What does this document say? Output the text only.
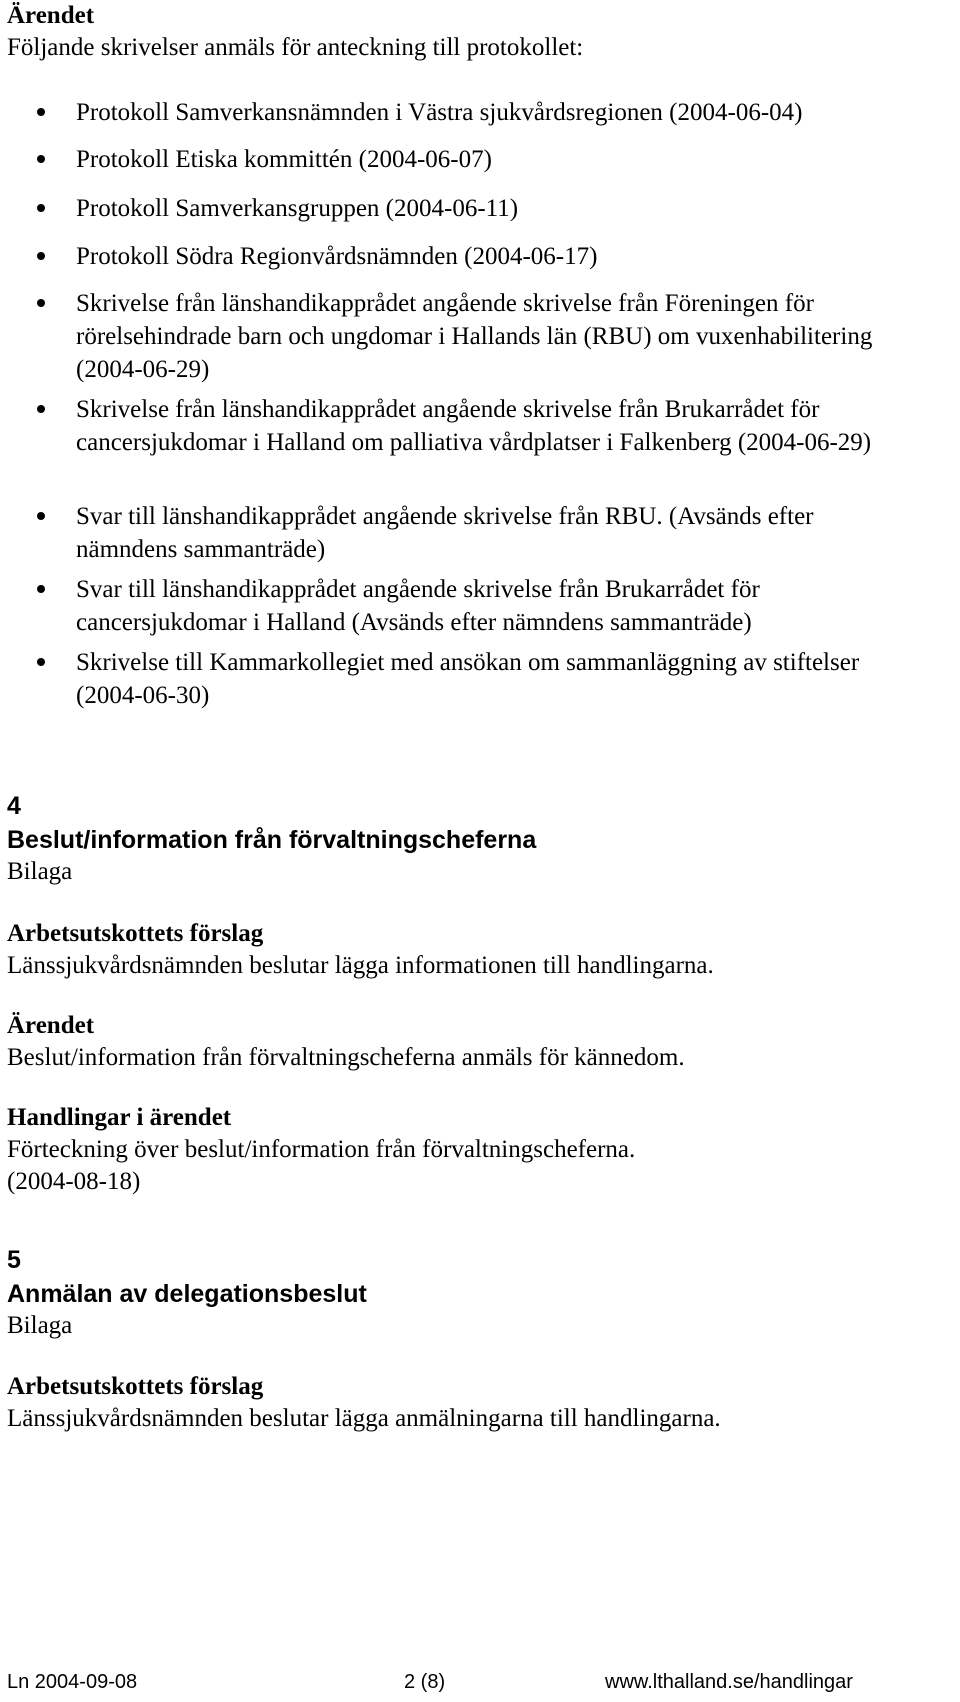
Ärendet
Följande skrivelser anmäls för anteckning till protokollet:
Protokoll Samverkansnämnden i Västra sjukvårdsregionen (2004-06-04)
Protokoll Etiska kommittén (2004-06-07)
Protokoll Samverkansgruppen (2004-06-11)
Protokoll Södra Regionvårdsnämnden (2004-06-17)
Skrivelse från länshandikapprådet angående skrivelse från Föreningen för rörelsehindrade barn och ungdomar i Hallands län (RBU) om vuxenhabilitering (2004-06-29)
Skrivelse från länshandikapprådet angående skrivelse från Brukarrådet för cancersjukdomar i Halland om palliativa vårdplatser i Falkenberg (2004-06-29)
Svar till länshandikapprådet angående skrivelse från RBU. (Avsänds efter nämndens sammanträde)
Svar till länshandikapprådet angående skrivelse från Brukarrådet för cancersjukdomar i Halland (Avsänds efter nämndens sammanträde)
Skrivelse till Kammarkollegiet med ansökan om sammanläggning av stiftelser (2004-06-30)
4
Beslut/information från förvaltningscheferna
Bilaga
Arbetsutskottets förslag
Länssjukvårdsnämnden beslutar lägga informationen till handlingarna.
Ärendet
Beslut/information från förvaltningscheferna anmäls för kännedom.
Handlingar i ärendet
Förteckning över beslut/information från förvaltningscheferna.
(2004-08-18)
5
Anmälan av delegationsbeslut
Bilaga
Arbetsutskottets förslag
Länssjukvårdsnämnden beslutar lägga anmälningarna till handlingarna.
Ln 2004-09-08	2 (8)	www.lthalland.se/handlingar
